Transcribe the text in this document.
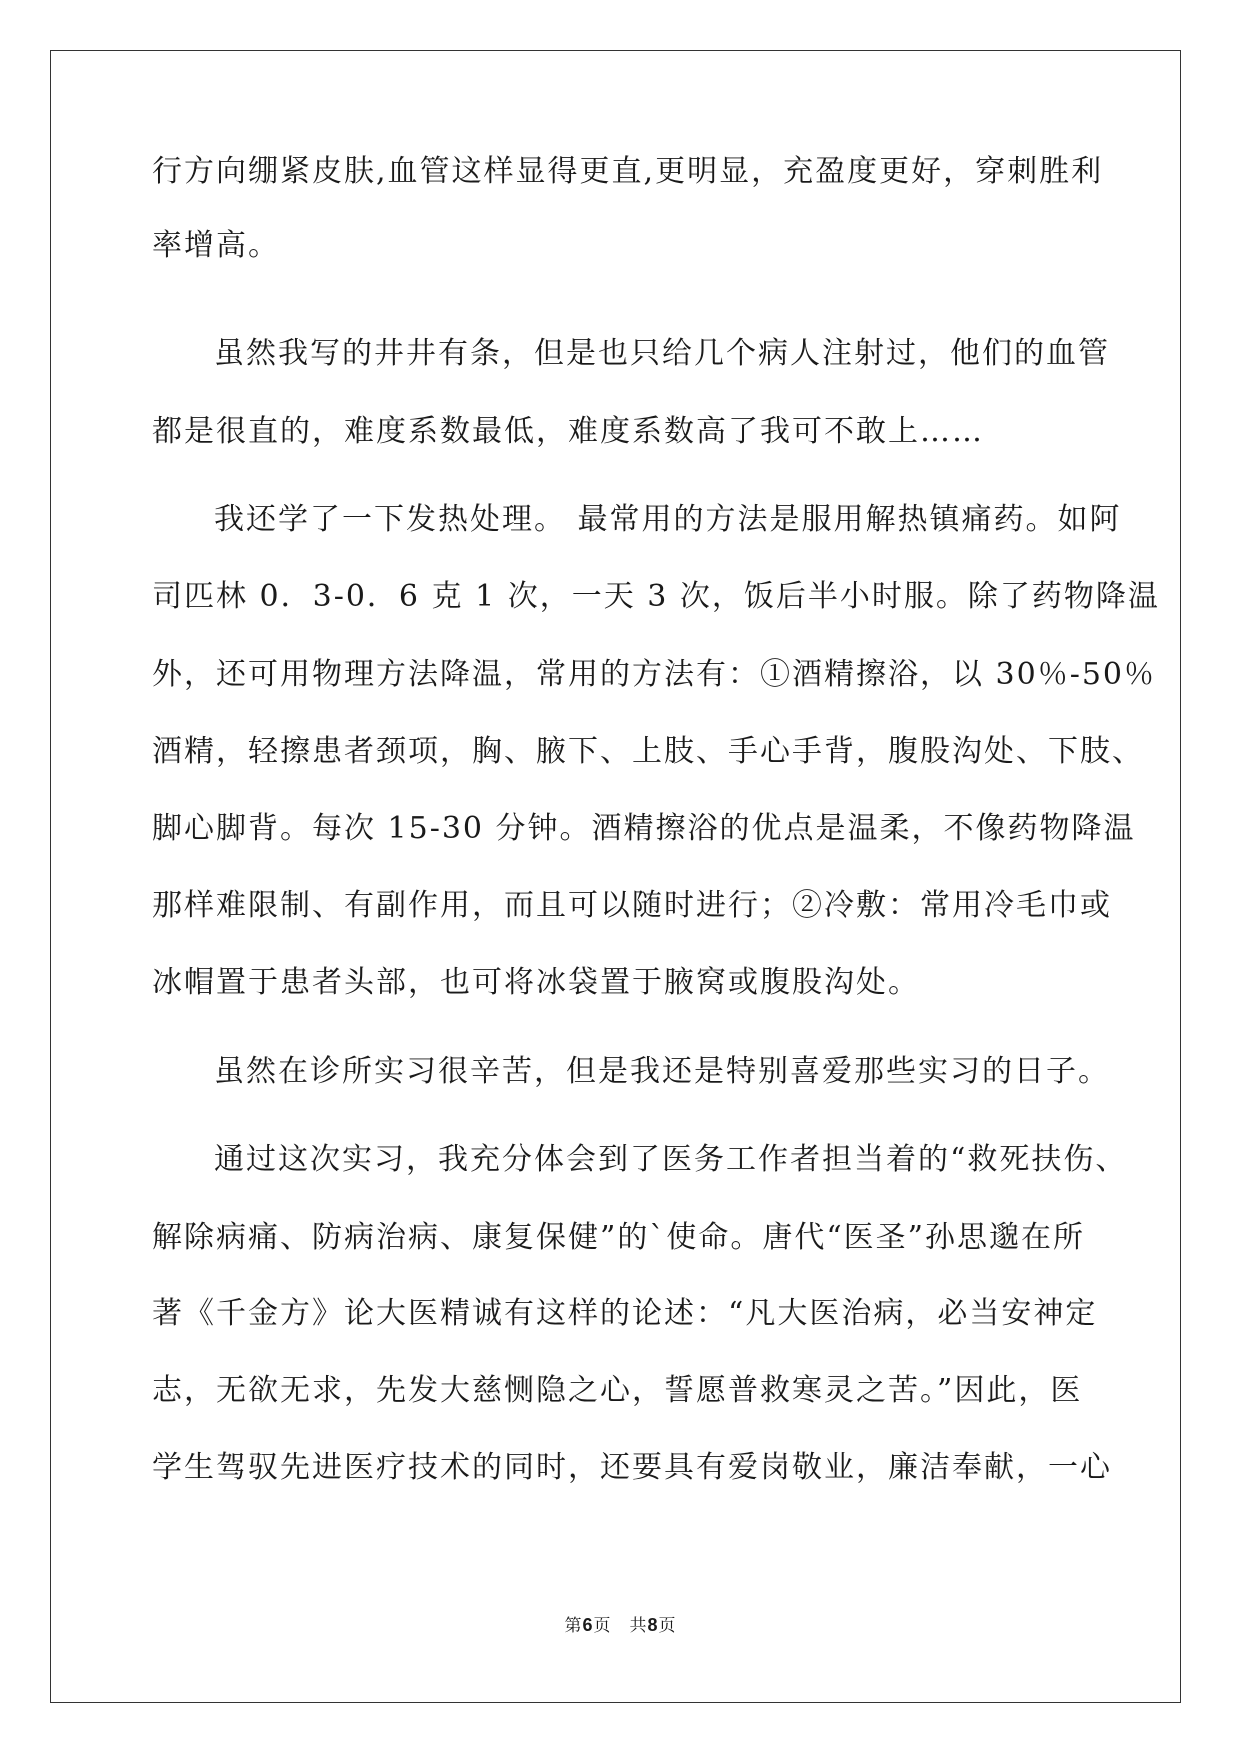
行方向绷紧皮肤,血管这样显得更直,更明显，充盈度更好，穿刺胜利
率增高。
虽然我写的井井有条，但是也只给几个病人注射过，他们的血管
都是很直的，难度系数最低，难度系数高了我可不敢上……
我还学了一下发热处理。 最常用的方法是服用解热镇痛药。如阿
司匹林 0．3-0．6 克 1 次，一天 3 次，饭后半小时服。除了药物降温
外，还可用物理方法降温，常用的方法有：①酒精擦浴，以 30％-50％
酒精，轻擦患者颈项，胸、腋下、上肢、手心手背，腹股沟处、下肢、
脚心脚背。每次 15-30 分钟。酒精擦浴的优点是温柔，不像药物降温
那样难限制、有副作用，而且可以随时进行；②冷敷：常用冷毛巾或
冰帽置于患者头部，也可将冰袋置于腋窝或腹股沟处。
虽然在诊所实习很辛苦，但是我还是特别喜爱那些实习的日子。
通过这次实习，我充分体会到了医务工作者担当着的“救死扶伤、
解除病痛、防病治病、康复保健”的`使命。唐代“医圣”孙思邈在所
著《千金方》论大医精诚有这样的论述：“凡大医治病，必当安神定
志，无欲无求，先发大慈恻隐之心，誓愿普救寒灵之苦。”因此，医
学生驾驭先进医疗技术的同时，还要具有爱岗敬业，廉洁奉献，一心
第6页 共8页
